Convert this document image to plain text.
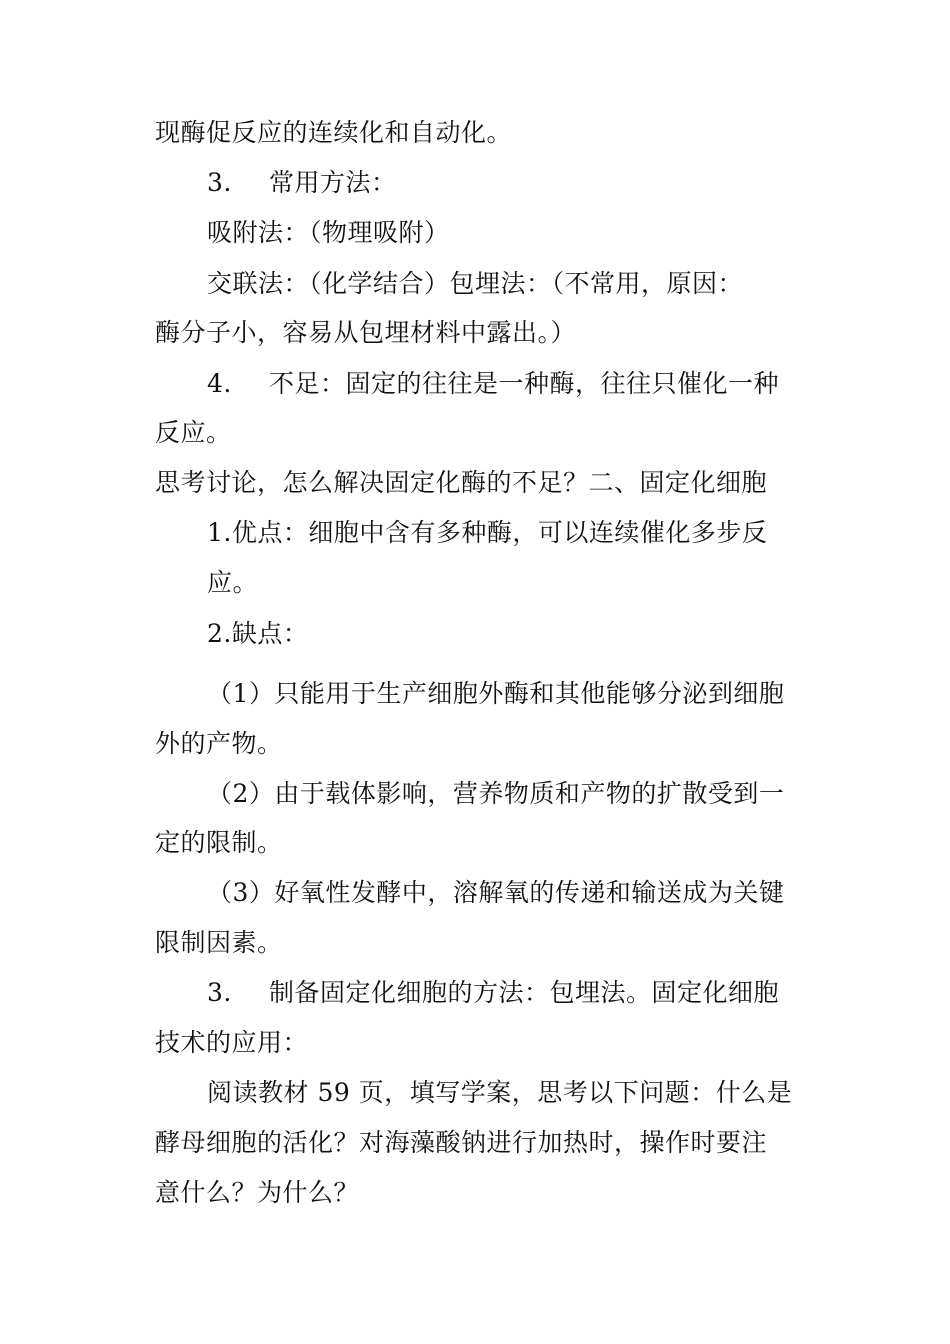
现酶促反应的连续化和自动化。
3. 常用方法：
吸附法：（物理吸附）
交联法：（化学结合）包埋法：（不常用，原因：
酶分子小，容易从包埋材料中露出。）
4. 不足：固定的往往是一种酶，往往只催化一种
反应。
思考讨论，怎么解决固定化酶的不足？二、固定化细胞
1.优点：细胞中含有多种酶，可以连续催化多步反
应。
2.缺点：
（1）只能用于生产细胞外酶和其他能够分泌到细胞
外的产物。
（2）由于载体影响，营养物质和产物的扩散受到一
定的限制。
（3）好氧性发酵中，溶解氧的传递和输送成为关键
限制因素。
3. 制备固定化细胞的方法：包埋法。固定化细胞
技术的应用：
阅读教材 59 页，填写学案，思考以下问题：什么是
酵母细胞的活化？对海藻酸钠进行加热时，操作时要注
意什么？为什么？
